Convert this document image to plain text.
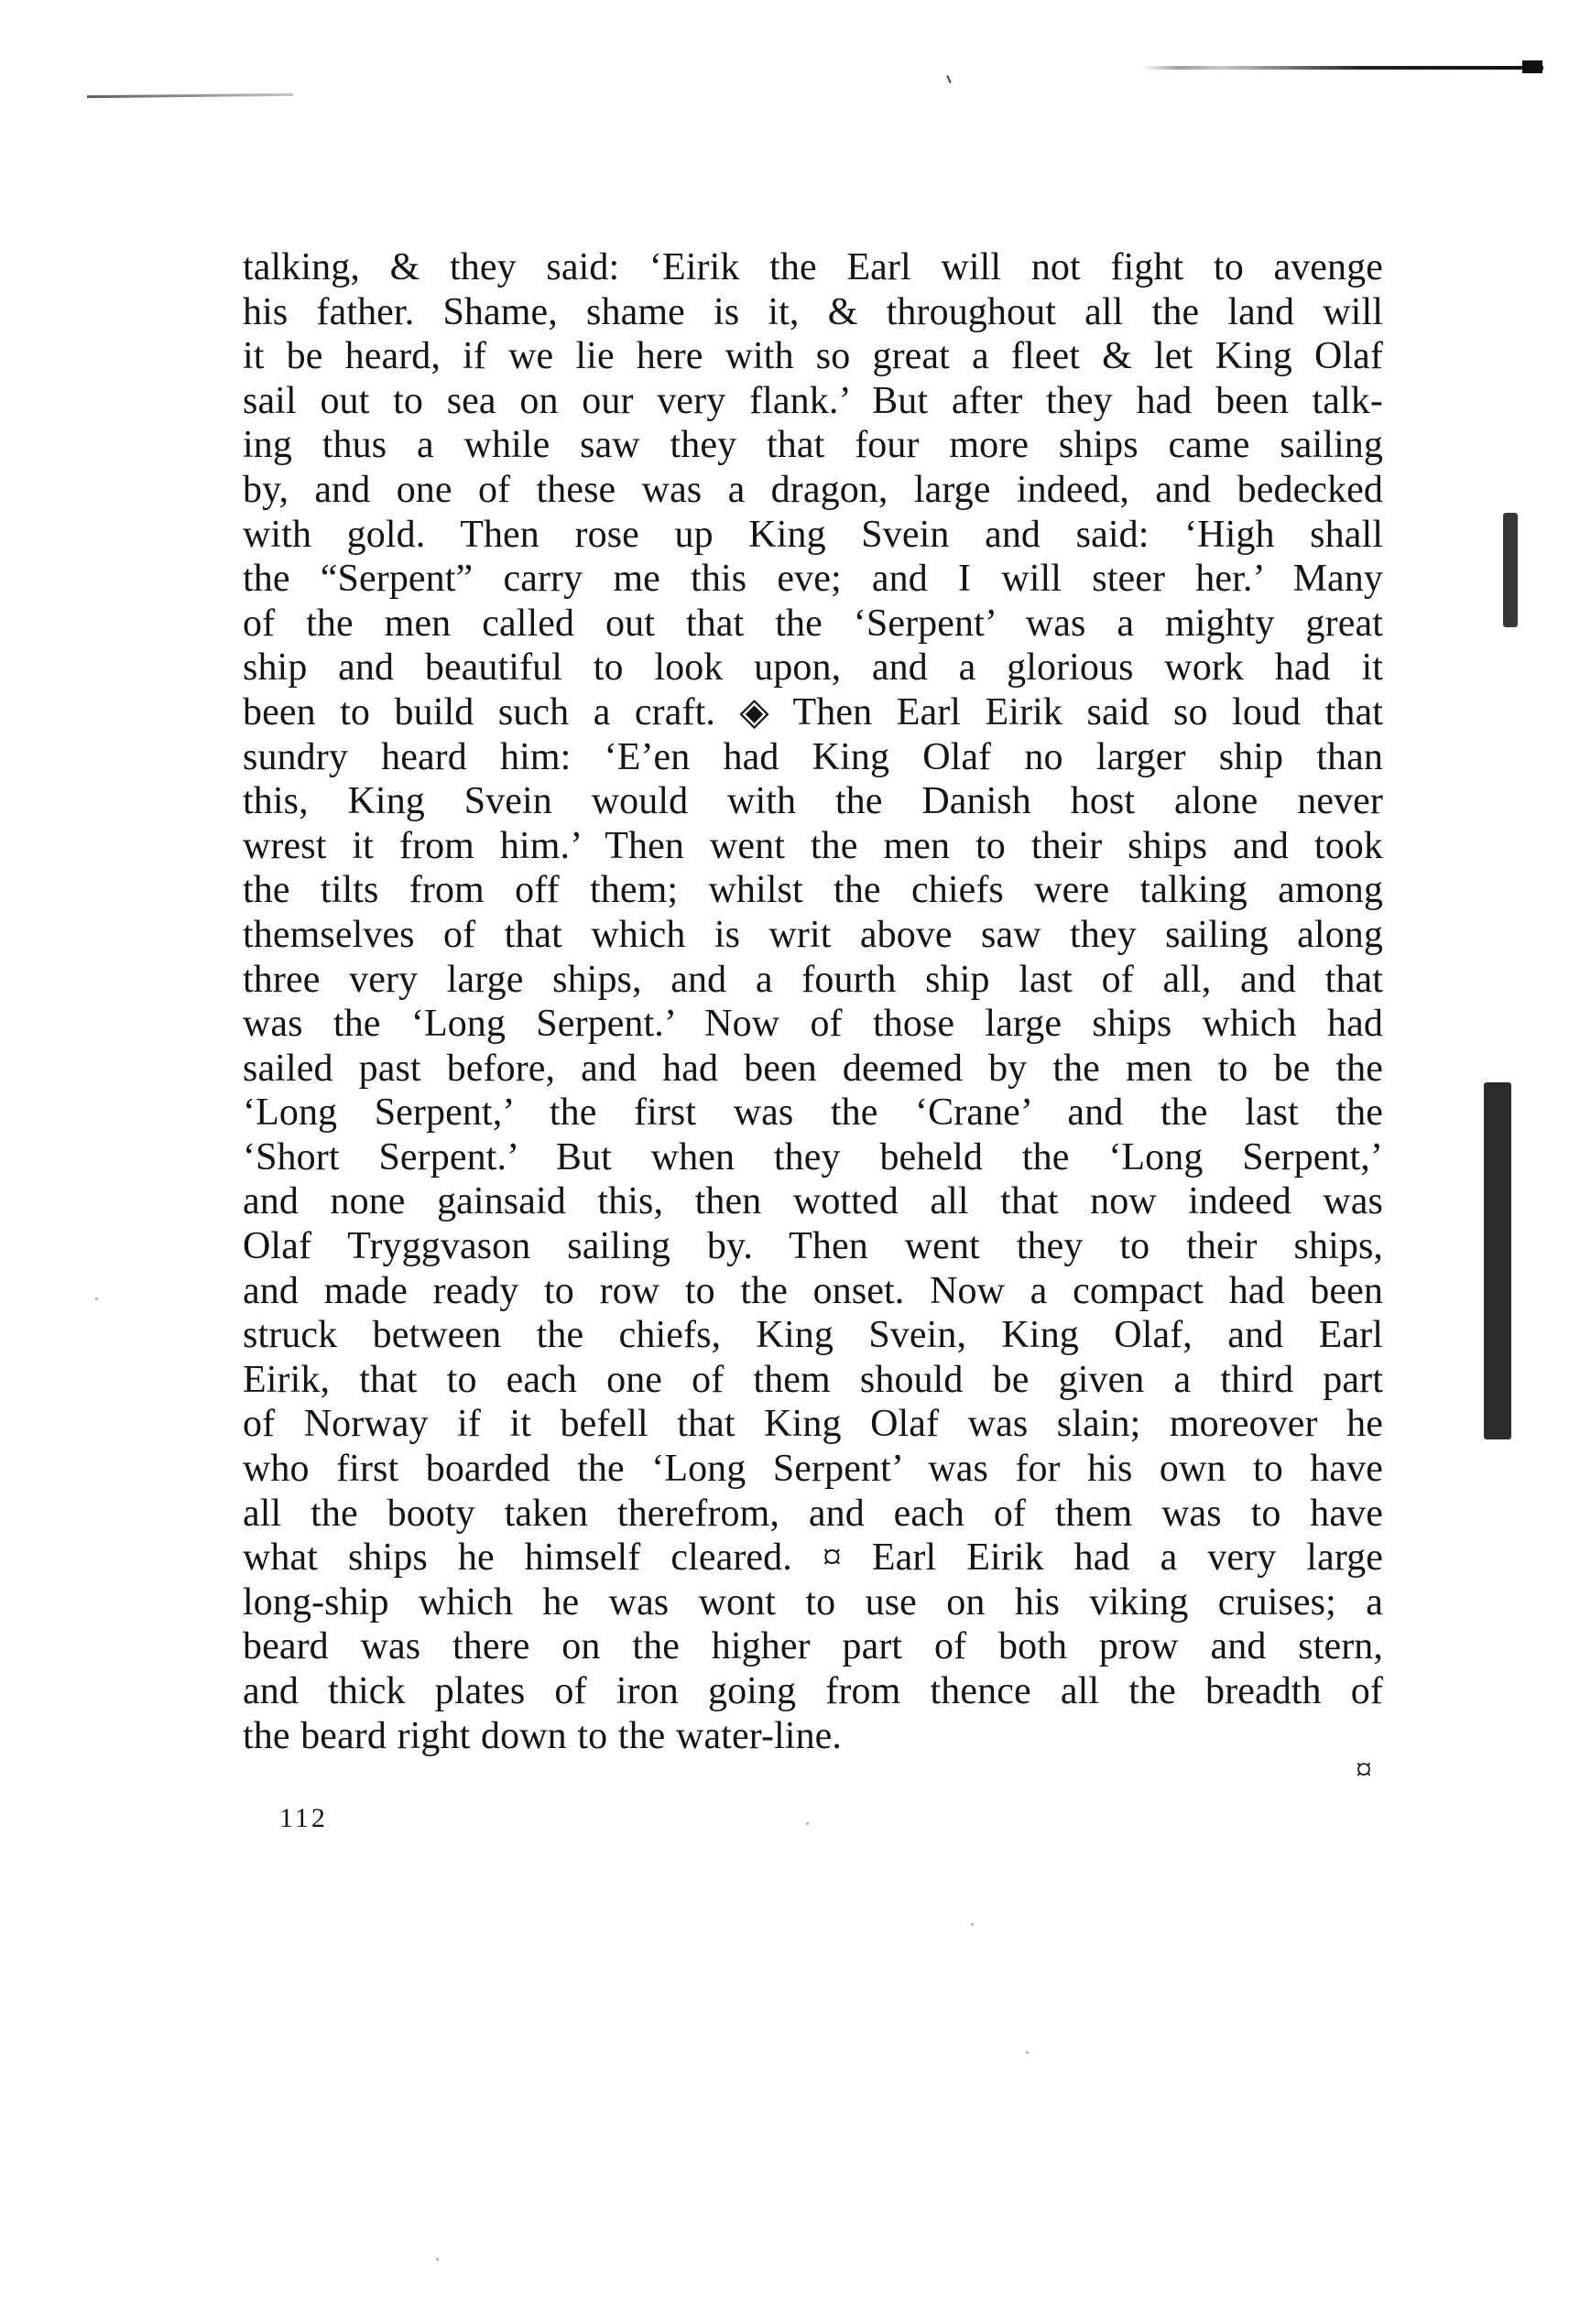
talking, & they said: ‘Eirik the Earl will not fight to avenge
his father. Shame, shame is it, & throughout all the land will
it be heard, if we lie here with so great a fleet & let King Olaf
sail out to sea on our very flank.’ But after they had been talk-
ing thus a while saw they that four more ships came sailing
by, and one of these was a dragon, large indeed, and bedecked
with gold. Then rose up King Svein and said: ‘High shall
the “Serpent” carry me this eve; and I will steer her.’ Many
of the men called out that the ‘Serpent’ was a mighty great
ship and beautiful to look upon, and a glorious work had it
been to build such a craft. ◈ Then Earl Eirik said so loud that
sundry heard him: ‘E’en had King Olaf no larger ship than
this, King Svein would with the Danish host alone never
wrest it from him.’ Then went the men to their ships and took
the tilts from off them; whilst the chiefs were talking among
themselves of that which is writ above saw they sailing along
three very large ships, and a fourth ship last of all, and that
was the ‘Long Serpent.’ Now of those large ships which had
sailed past before, and had been deemed by the men to be the
‘Long Serpent,’ the first was the ‘Crane’ and the last the
‘Short Serpent.’ But when they beheld the ‘Long Serpent,’
and none gainsaid this, then wotted all that now indeed was
Olaf Tryggvason sailing by. Then went they to their ships,
and made ready to row to the onset. Now a compact had been
struck between the chiefs, King Svein, King Olaf, and Earl
Eirik, that to each one of them should be given a third part
of Norway if it befell that King Olaf was slain; moreover he
who first boarded the ‘Long Serpent’ was for his own to have
all the booty taken therefrom, and each of them was to have
what ships he himself cleared. ¤ Earl Eirik had a very large
long-ship which he was wont to use on his viking cruises; a
beard was there on the higher part of both prow and stern,
and thick plates of iron going from thence all the breadth of
the beard right down to the water-line.
¤
112
